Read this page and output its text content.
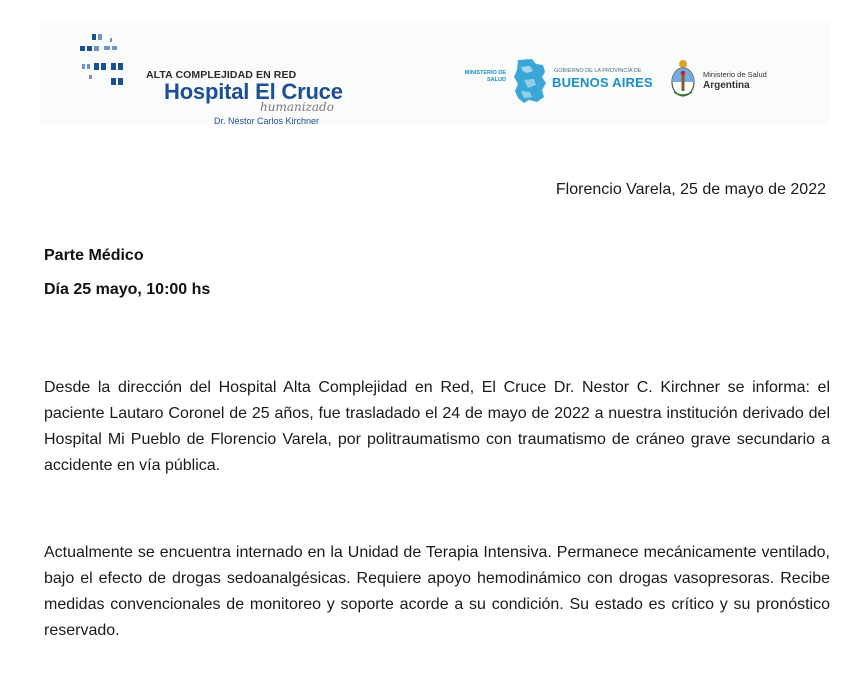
ALTA COMPLEJIDAD EN RED
Hospital El Cruce
humanizado
Dr. Néstor Carlos Kirchner
MINISTERIO DE
SALUD
GOBIERNO DE LA PROVINCIA DE
BUENOS AIRES
Ministerio de Salud
Argentina
Florencio Varela, 25 de mayo de 2022
Parte Médico
Día 25 mayo, 10:00 hs

Desde la dirección del Hospital Alta Complejidad en Red, El Cruce Dr. Nestor C. Kirchner se informa: el paciente Lautaro Coronel de 25 años, fue trasladado el 24 de mayo de 2022 a nuestra institución derivado del Hospital Mi Pueblo de Florencio Varela, por politraumatismo con traumatismo de cráneo grave secundario a accidente en vía pública.

Actualmente se encuentra internado en la Unidad de Terapia Intensiva. Permanece mecánicamente ventilado, bajo el efecto de drogas sedoanalgésicas. Requiere apoyo hemodinámico con drogas vasopresoras. Recibe medidas convencionales de monitoreo y soporte acorde a su condición. Su estado es crítico y su pronóstico reservado.
